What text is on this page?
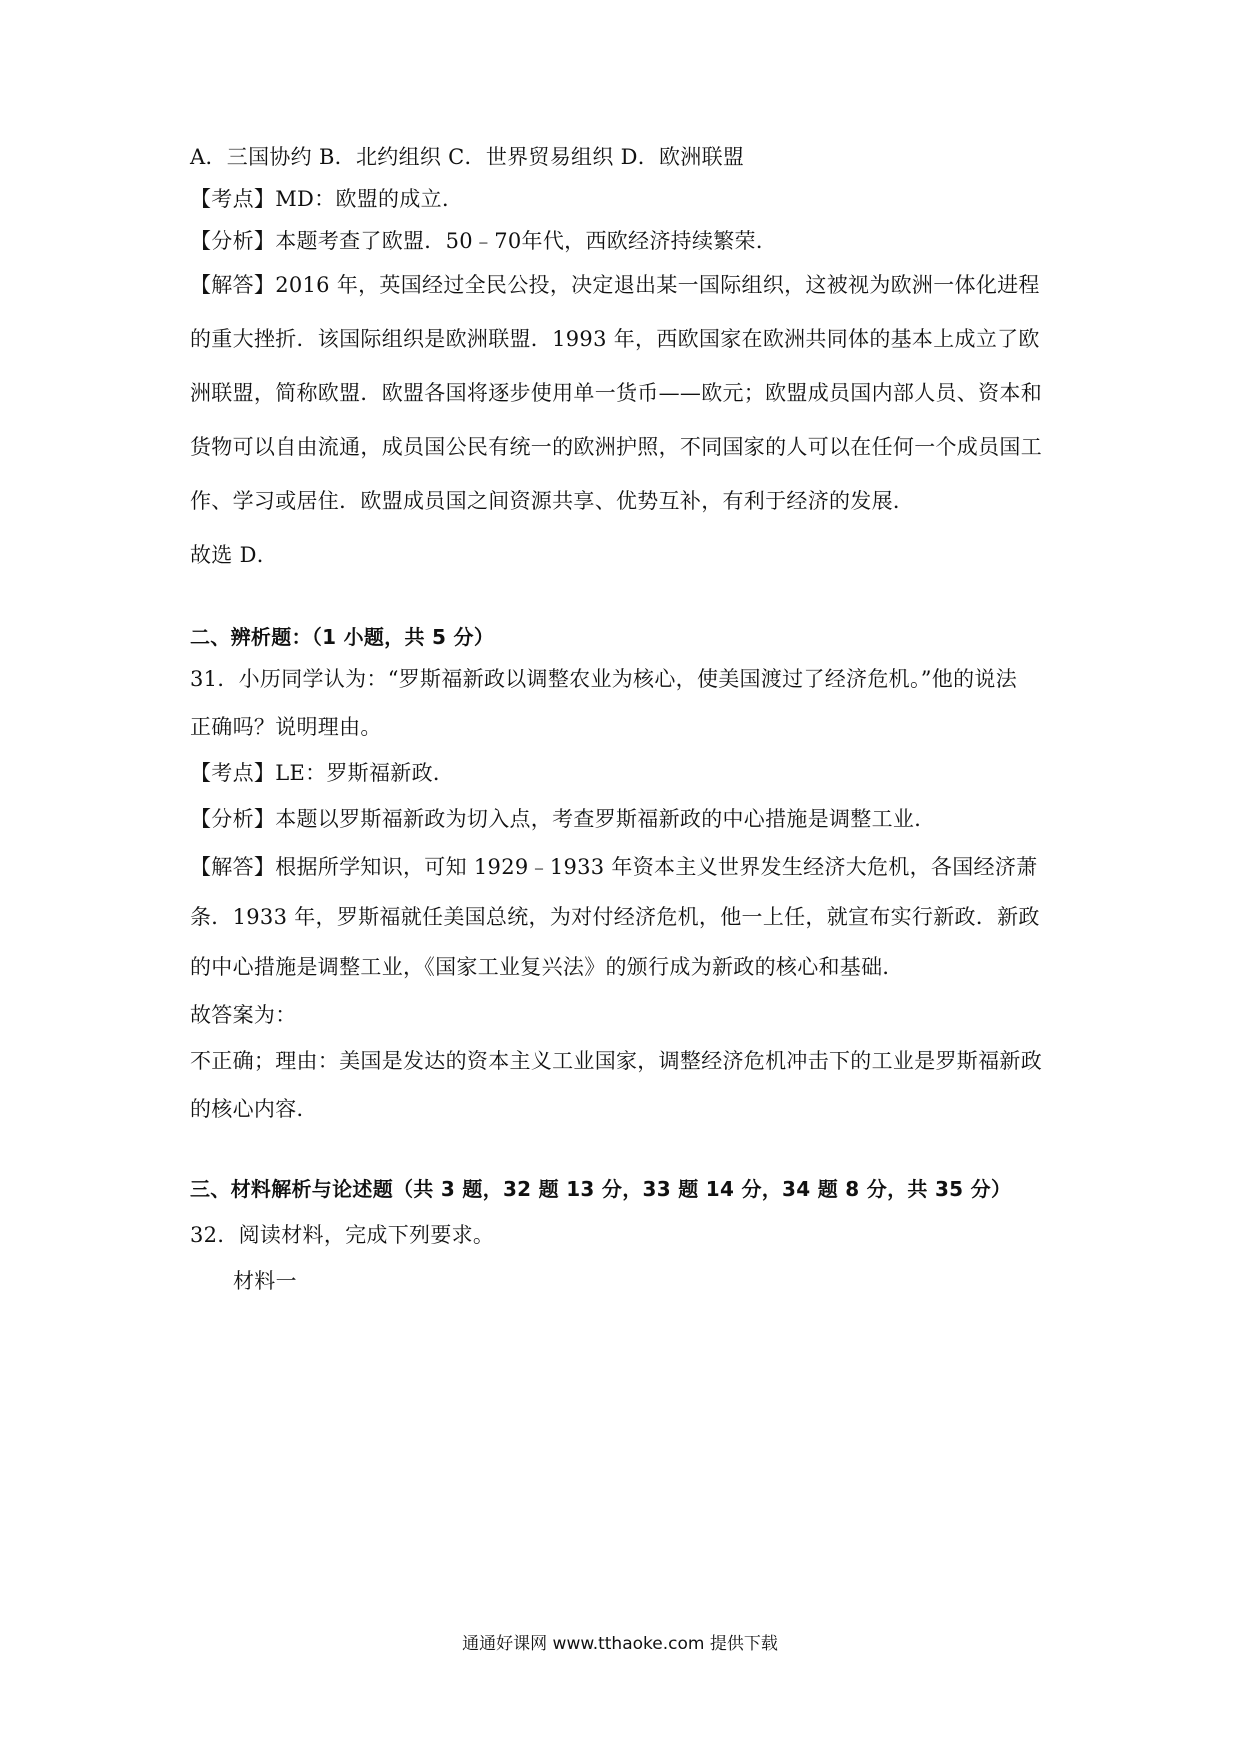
A．三国协约 B．北约组织 C．世界贸易组织 D．欧洲联盟
【考点】MD：欧盟的成立．
【分析】本题考查了欧盟．50﹣70年代，西欧经济持续繁荣．
【解答】2016 年，英国经过全民公投，决定退出某一国际组织，这被视为欧洲一体化进程
的重大挫折．该国际组织是欧洲联盟．1993 年，西欧国家在欧洲共同体的基本上成立了欧
洲联盟，简称欧盟．欧盟各国将逐步使用单一货币——欧元；欧盟成员国内部人员、资本和
货物可以自由流通，成员国公民有统一的欧洲护照，不同国家的人可以在任何一个成员国工
作、学习或居住．欧盟成员国之间资源共享、优势互补，有利于经济的发展．
故选 D．
二、辨析题：（1 小题，共 5 分）
31．小历同学认为：“罗斯福新政以调整农业为核心，使美国渡过了经济危机。”他的说法
正确吗？说明理由。
【考点】LE：罗斯福新政．
【分析】本题以罗斯福新政为切入点，考查罗斯福新政的中心措施是调整工业．
【解答】根据所学知识，可知 1929﹣1933 年资本主义世界发生经济大危机，各国经济萧
条．1933 年，罗斯福就任美国总统，为对付经济危机，他一上任，就宣布实行新政．新政
的中心措施是调整工业，《国家工业复兴法》的颁行成为新政的核心和基础．
故答案为：
不正确；理由：美国是发达的资本主义工业国家，调整经济危机冲击下的工业是罗斯福新政
的核心内容．
三、材料解析与论述题（共 3 题，32 题 13 分，33 题 14 分，34 题 8 分，共 35 分）
32．阅读材料，完成下列要求。
材料一
通通好课网 www.tthaoke.com 提供下载
